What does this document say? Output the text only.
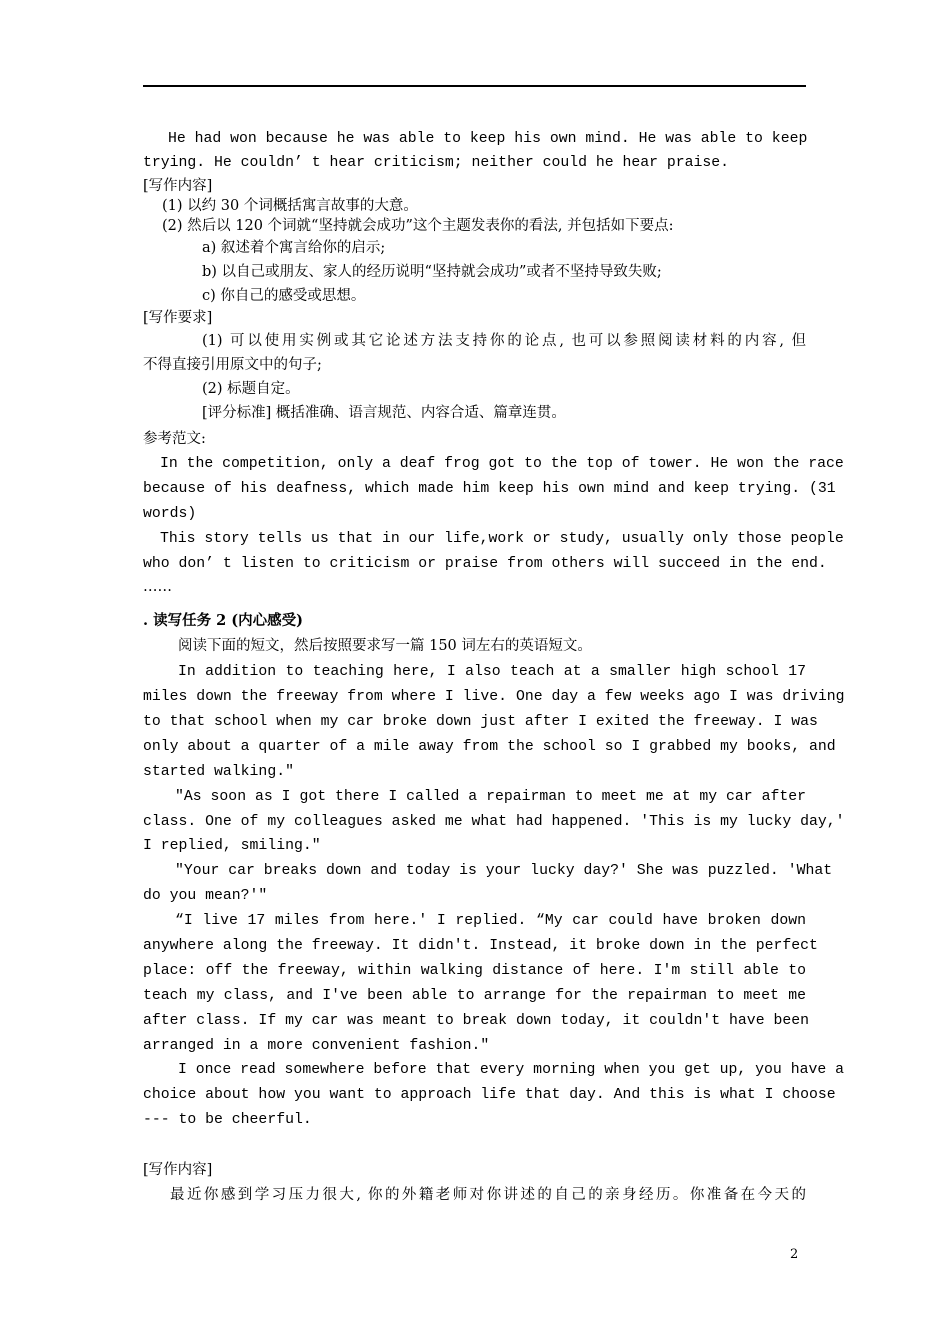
He had won because he was able to keep his own mind. He was able to keep
trying. He couldn’ t hear criticism; neither could he hear praise.
[写作内容]
(1) 以约 30 个词概括寓言故事的大意。
(2) 然后以 120 个词就“坚持就会成功”这个主题发表你的看法, 并包括如下要点:
a) 叙述着个寓言给你的启示;
b) 以自己或朋友、家人的经历说明“坚持就会成功”或者不坚持导致失败;
c) 你自己的感受或思想。
[写作要求]
(1) 可以使用实例或其它论述方法支持你的论点, 也可以参照阅读材料的内容, 但
不得直接引用原文中的句子;
(2) 标题自定。
[评分标准] 概括准确、语言规范、内容合适、篇章连贯。
参考范文:
In the competition, only a deaf frog got to the top of tower. He won the race
because of his deafness, which made him keep his own mind and keep trying. (31
words)
This story tells us that in our life,work or study, usually only those people
who don’ t listen to criticism or praise from others will succeed in the end.
……
. 读写任务 2 (内心感受)
阅读下面的短文，然后按照要求写一篇 150 词左右的英语短文。
In addition to teaching here, I also teach at a smaller high school 17
miles down the freeway from where I live. One day a few weeks ago I was driving
to that school when my car broke down just after I exited the freeway. I was
only about a quarter of a mile away from the school so I grabbed my books, and
started walking."
"As soon as I got there I called a repairman to meet me at my car after
class. One of my colleagues asked me what had happened. 'This is my lucky day,'
I replied, smiling."
"Your car breaks down and today is your lucky day?' She was puzzled. 'What
do you mean?'"
“I live 17 miles from here.' I replied. “My car could have broken down
anywhere along the freeway. It didn't. Instead, it broke down in the perfect
place: off the freeway, within walking distance of here. I'm still able to
teach my class, and I've been able to arrange for the repairman to meet me
after class. If my car was meant to break down today, it couldn't have been
arranged in a more convenient fashion."
I once read somewhere before that every morning when you get up, you have a
choice about how you want to approach life that day. And this is what I choose
--- to be cheerful.
[写作内容]
最近你感到学习压力很大, 你的外籍老师对你讲述的自己的亲身经历。你准备在今天的
2
